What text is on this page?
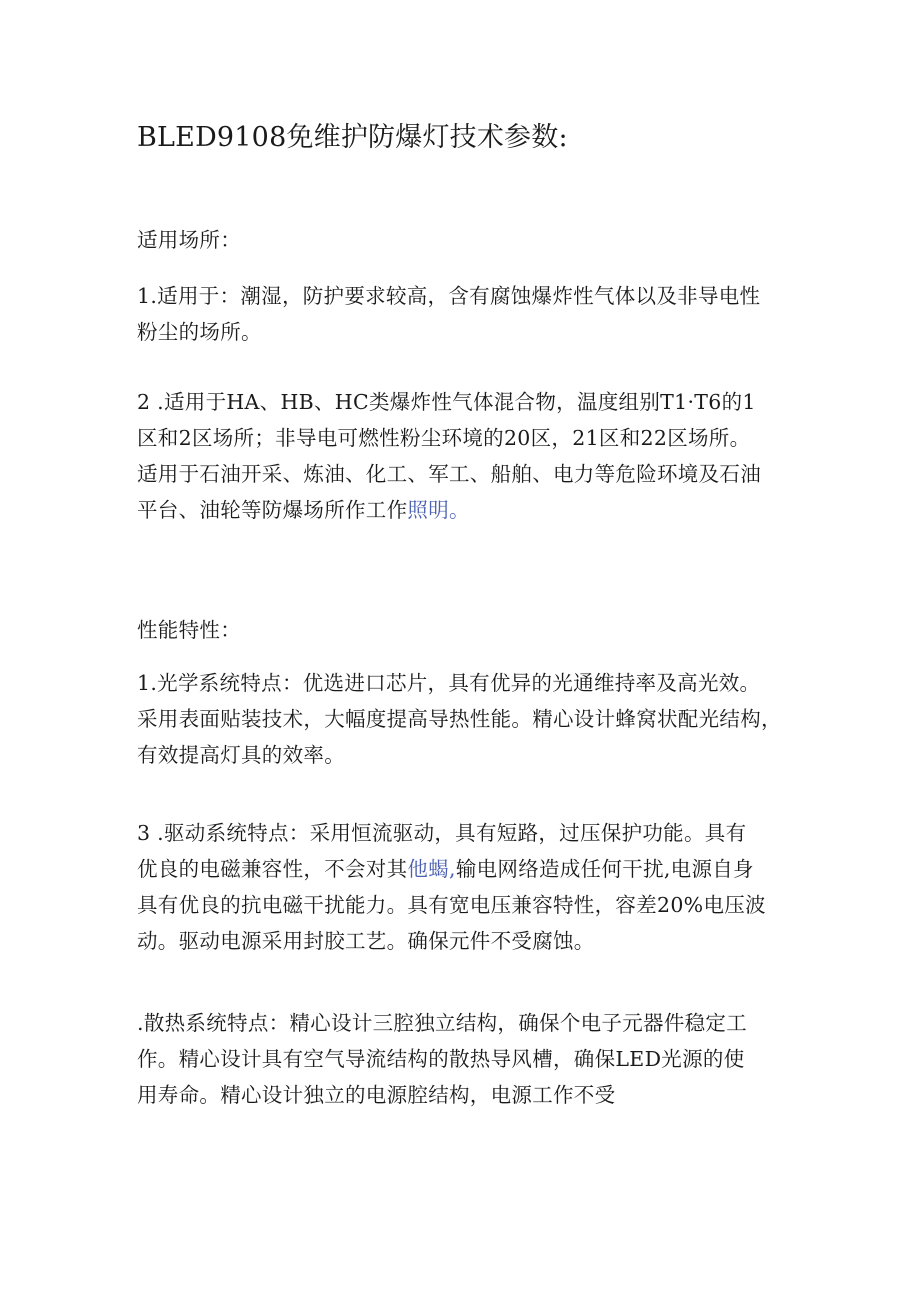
BLED9108免维护防爆灯技术参数:

适用场所：

1.适用于：潮湿，防护要求较高，含有腐蚀爆炸性气体以及非导电性
粉尘的场所。

2 .适用于HA、HB、HC类爆炸性气体混合物，温度组别T1·T6的1
区和2区场所；非导电可燃性粉尘环境的20区，21区和22区场所。
适用于石油开采、炼油、化工、军工、船舶、电力等危险环境及石油
平台、油轮等防爆场所作工作照明。

性能特性：

1.光学系统特点：优选进口芯片，具有优异的光通维持率及高光效。
采用表面贴装技术，大幅度提高导热性能。精心设计蜂窝状配光结构，
有效提高灯具的效率。

3 .驱动系统特点：采用恒流驱动，具有短路，过压保护功能。具有
优良的电磁兼容性，不会对其他蝎,输电网络造成任何干扰,电源自身
具有优良的抗电磁干扰能力。具有宽电压兼容特性，容差20%电压波
动。驱动电源采用封胶工艺。确保元件不受腐蚀。

.散热系统特点：精心设计三腔独立结构，确保个电子元器件稳定工
作。精心设计具有空气导流结构的散热导风槽，确保LED光源的使
用寿命。精心设计独立的电源腔结构，电源工作不受
